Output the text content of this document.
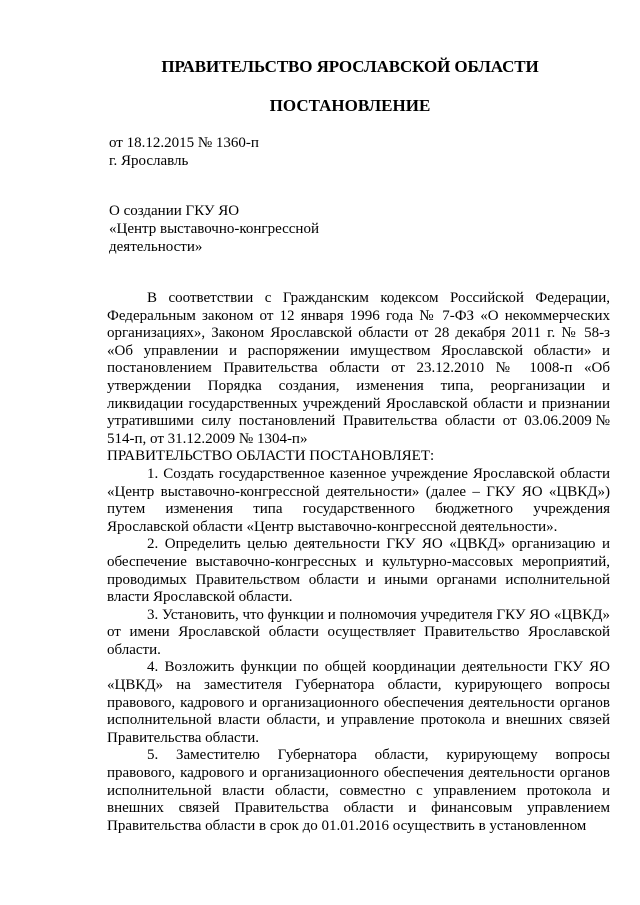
ПРАВИТЕЛЬСТВО ЯРОСЛАВСКОЙ ОБЛАСТИ
ПОСТАНОВЛЕНИЕ
от 18.12.2015 № 1360-п
г. Ярославль
О создании ГКУ ЯО
«Центр выставочно-конгрессной
деятельности»

В соответствии с Гражданским кодексом Российской Федерации, Федеральным законом от 12 января 1996 года № 7-ФЗ «О некоммерческих организациях», Законом Ярославской области от 28 декабря 2011 г. № 58-з «Об управлении и распоряжении имуществом Ярославской области» и постановлением Правительства области от 23.12.2010 № 1008-п «Об утверждении Порядка создания, изменения типа, реорганизации и ликвидации государственных учреждений Ярославской области и признании утратившими силу постановлений Правительства области от 03.06.2009№ 514-п, от 31.12.2009 № 1304-п»

ПРАВИТЕЛЬСТВО ОБЛАСТИ ПОСТАНОВЛЯЕТ:

1. Создать государственное казенное учреждение Ярославской области «Центр выставочно-конгрессной деятельности» (далее – ГКУ ЯО «ЦВКД») путем изменения типа государственного бюджетного учреждения Ярославской области «Центр выставочно-конгрессной деятельности».

2. Определить целью деятельности ГКУ ЯО «ЦВКД» организацию и обеспечение выставочно-конгрессных и культурно-массовых мероприятий, проводимых Правительством области и иными органами исполнительной власти Ярославской области.

3. Установить, что функции и полномочия учредителя ГКУ ЯО «ЦВКД» от имени Ярославской области осуществляет Правительство Ярославской области.

4. Возложить функции по общей координации деятельности ГКУ ЯО «ЦВКД» на заместителя Губернатора области, курирующего вопросы правового, кадрового и организационного обеспечения деятельности органов исполнительной власти области, и управление протокола и внешних связей Правительства области.

5. Заместителю Губернатора области, курирующему вопросы правового, кадрового и организационного обеспечения деятельности органов исполнительной власти области, совместно с управлением протокола и внешних связей Правительства области и финансовым управлением Правительства области в срок до 01.01.2016 осуществить в установленном
